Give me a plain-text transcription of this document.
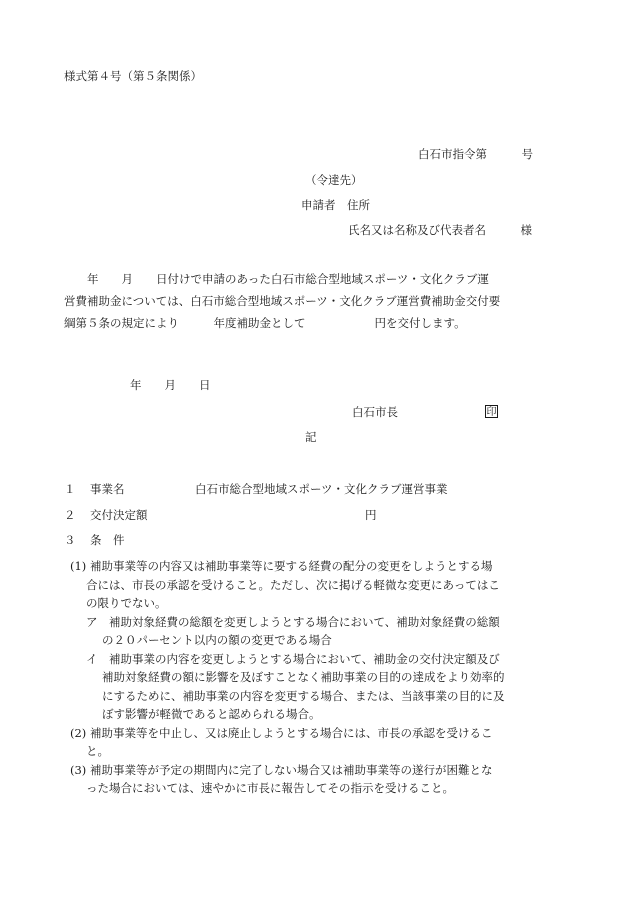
様式第４号（第５条関係）
白石市指令第　　　号
（令達先）
申請者　住所
氏名又は名称及び代表者名　　　様
　　年　　月　　日付けで申請のあった白石市総合型地域スポーツ・文化クラブ運
営費補助金については、白石市総合型地域スポーツ・文化クラブ運営費補助金交付要
綱第５条の規定により　　　年度補助金として　　　　　　円を交付します。
年　　月　　日
白石市長	印
記
１ 事業名	白石市総合型地域スポーツ・文化クラブ運営事業
２ 交付決定額	円
３ 条　件
(1) 補助事業等の内容又は補助事業等に要する経費の配分の変更をしようとする場
合には、市長の承認を受けること。ただし、次に掲げる軽微な変更にあってはこ
の限りでない。
ア　補助対象経費の総額を変更しようとする場合において、補助対象経費の総額
の２０パーセント以内の額の変更である場合
イ　補助事業の内容を変更しようとする場合において、補助金の交付決定額及び
補助対象経費の額に影響を及ぼすことなく補助事業の目的の達成をより効率的
にするために、補助事業の内容を変更する場合、または、当該事業の目的に及
ぼす影響が軽微であると認められる場合。
(2) 補助事業等を中止し、又は廃止しようとする場合には、市長の承認を受けるこ
と。
(3) 補助事業等が予定の期間内に完了しない場合又は補助事業等の遂行が困難とな
った場合においては、速やかに市長に報告してその指示を受けること。
